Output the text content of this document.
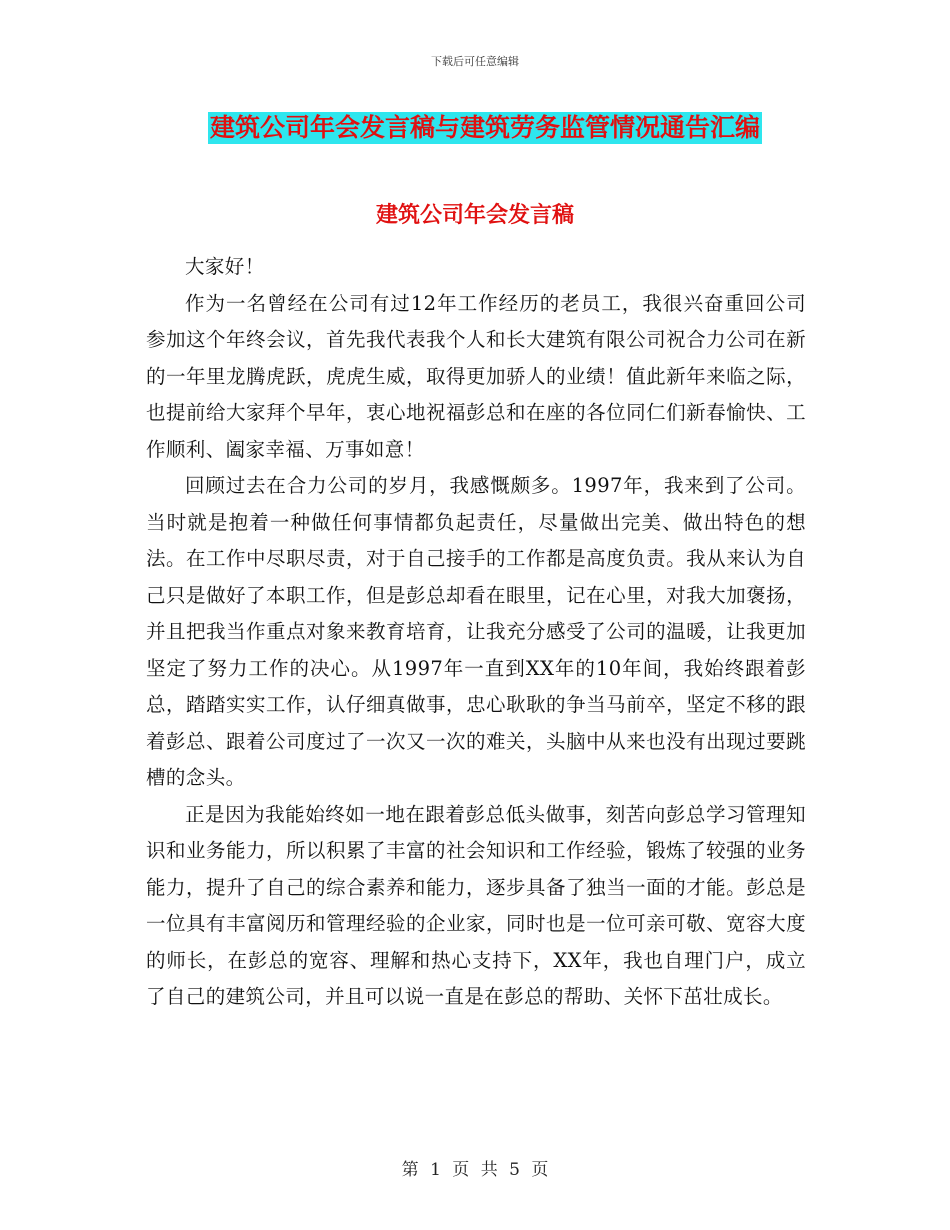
下载后可任意编辑
建筑公司年会发言稿与建筑劳务监管情况通告汇编
建筑公司年会发言稿

大家好！

作为一名曾经在公司有过12年工作经历的老员工，我很兴奋重回公司参加这个年终会议，首先我代表我个人和长大建筑有限公司祝合力公司在新的一年里龙腾虎跃，虎虎生威，取得更加骄人的业绩！值此新年来临之际，也提前给大家拜个早年，衷心地祝福彭总和在座的各位同仁们新春愉快、工作顺利、阖家幸福、万事如意！

回顾过去在合力公司的岁月，我感慨颇多。1997年，我来到了公司。当时就是抱着一种做任何事情都负起责任，尽量做出完美、做出特色的想法。在工作中尽职尽责，对于自己接手的工作都是高度负责。我从来认为自己只是做好了本职工作，但是彭总却看在眼里，记在心里，对我大加褒扬，并且把我当作重点对象来教育培育，让我充分感受了公司的温暖，让我更加坚定了努力工作的决心。从1997年一直到XX年的10年间，我始终跟着彭总，踏踏实实工作，认仔细真做事，忠心耿耿的争当马前卒，坚定不移的跟着彭总、跟着公司度过了一次又一次的难关，头脑中从来也没有出现过要跳槽的念头。

正是因为我能始终如一地在跟着彭总低头做事，刻苦向彭总学习管理知识和业务能力，所以积累了丰富的社会知识和工作经验，锻炼了较强的业务能力，提升了自己的综合素养和能力，逐步具备了独当一面的才能。彭总是一位具有丰富阅历和管理经验的企业家，同时也是一位可亲可敬、宽容大度的师长，在彭总的宽容、理解和热心支持下，XX年，我也自理门户，成立了自己的建筑公司，并且可以说一直是在彭总的帮助、关怀下茁壮成长。

第 1 页 共 5 页
